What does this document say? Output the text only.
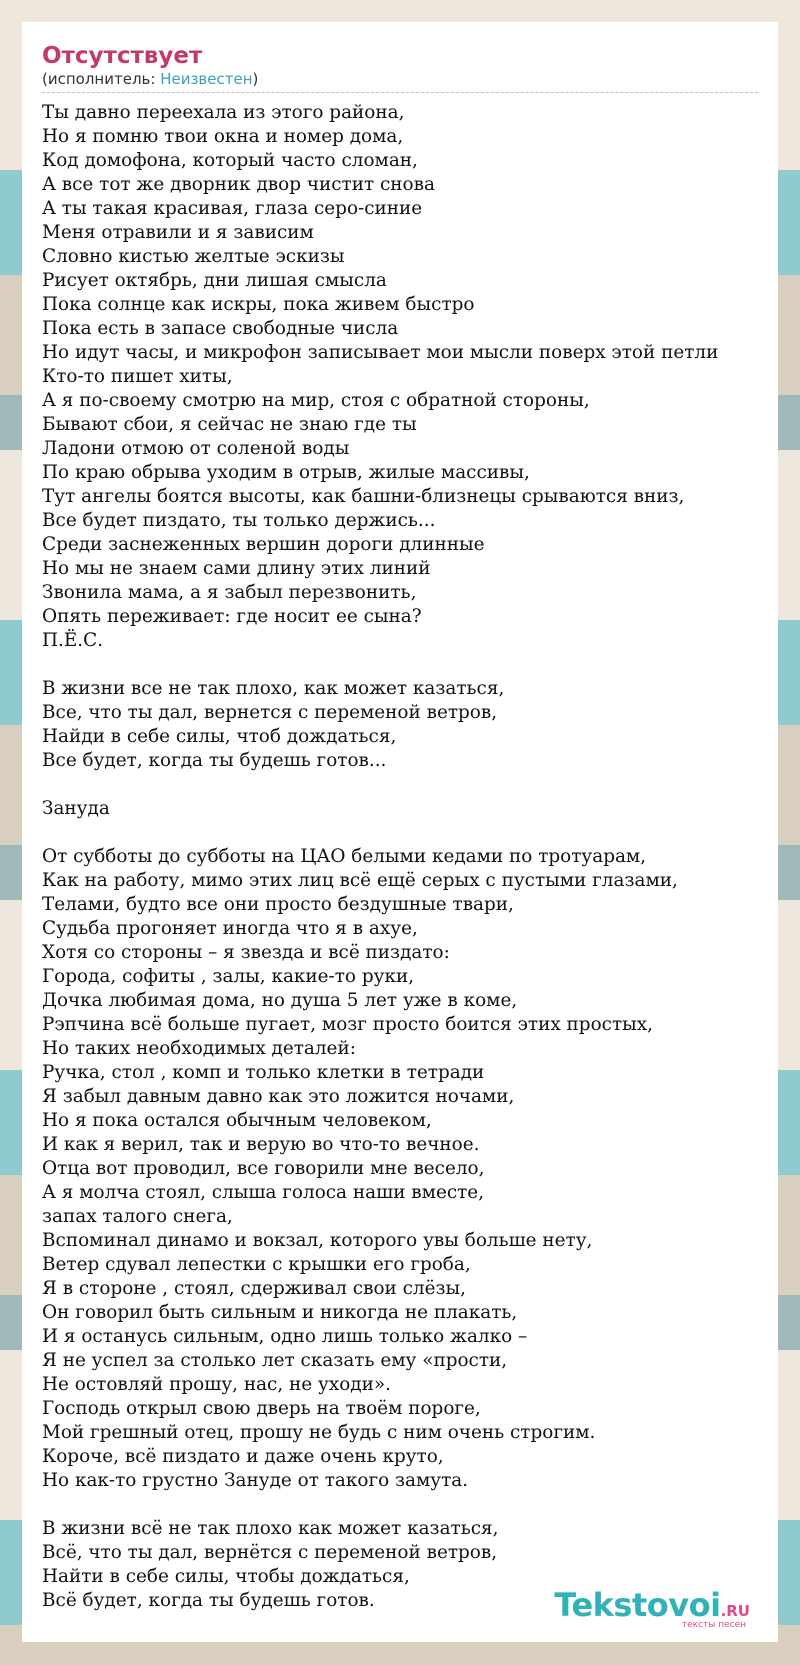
Отсутствует
(исполнитель: Неизвестен)
Ты давно переехала из этого района,
Но я помню твои окна и номер дома,
Код домофона, который часто сломан,
А все тот же дворник двор чистит снова
А ты такая красивая, глаза серо-синие
Меня отравили и я зависим
Словно кистью желтые эскизы
Рисует октябрь, дни лишая смысла
Пока солнце как искры, пока живем быстро
Пока есть в запасе свободные числа
Но идут часы, и микрофон записывает мои мысли поверх этой петли
Кто-то пишет хиты,
А я по-своему смотрю на мир, стоя с обратной стороны,
Бывают сбои, я сейчас не знаю где ты
Ладони отмою от соленой воды
По краю обрыва уходим в отрыв, жилые массивы,
Тут ангелы боятся высоты, как башни-близнецы срываются вниз,
Все будет пиздато, ты только держись...
Среди заснеженных вершин дороги длинные
Но мы не знаем сами длину этих линий
Звонила мама, а я забыл перезвонить,
Опять переживает: где носит ее сына?
П.Ё.С.
В жизни все не так плохо, как может казаться,
Все, что ты дал, вернется с переменой ветров,
Найди в себе силы, чтоб дождаться,
Все будет, когда ты будешь готов...
Зануда
От субботы до субботы на ЦАО белыми кедами по тротуарам,
Как на работу, мимо этих лиц всё ещё серых с пустыми глазами,
Телами, будто все они просто бездушные твари,
Судьба прогоняет иногда что я в ахуе,
Хотя со стороны – я звезда и всё пиздато:
Города, софиты , залы, какие-то руки,
Дочка любимая дома, но душа 5 лет уже в коме,
Рэпчина всё больше пугает, мозг просто боится этих простых,
Но таких необходимых деталей:
Ручка, стол , комп и только клетки в тетради
Я забыл давным давно как это ложится ночами,
Но я пока остался обычным человеком,
И как я верил, так и верую во что-то вечное.
Отца вот проводил, все говорили мне весело,
А я молча стоял, слыша голоса наши вместе,
запах талого снега,
Вспоминал динамо и вокзал, которого увы больше нету,
Ветер сдувал лепестки с крышки его гроба,
Я в стороне , стоял, сдерживал свои слёзы,
Он говорил быть сильным и никогда не плакать,
И я останусь сильным, одно лишь только жалко –
Я не успел за столько лет сказать ему «прости,
Не остовляй прошу, нас, не уходи».
Господь открыл свою дверь на твоём пороге,
Мой грешный отец, прошу не будь с ним очень строгим.
Короче, всё пиздато и даже очень круто,
Но как-то грустно Зануде от такого замута.
В жизни всё не так плохо как может казаться,
Всё, что ты дал, вернётся с переменой ветров,
Найти в себе силы, чтобы дождаться,
Всё будет, когда ты будешь готов.	Tekstovoi.RU
тексты песен
